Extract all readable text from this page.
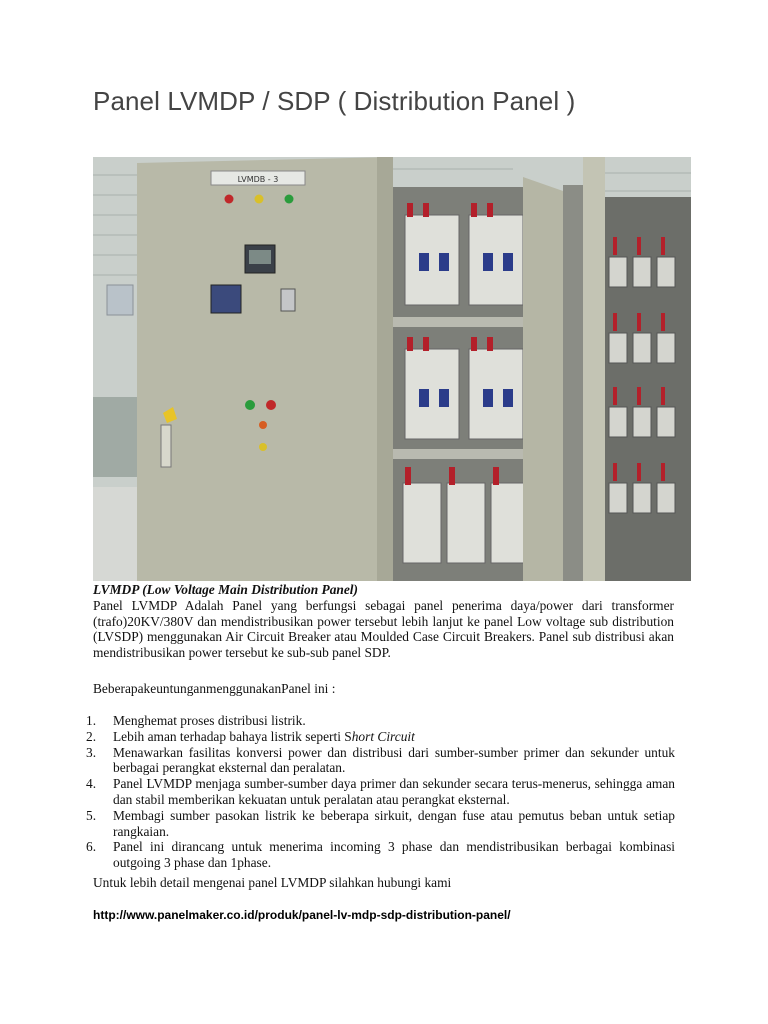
Panel LVMDP / SDP ( Distribution Panel )
LVMDB - 3
LVMDP (Low Voltage Main Distribution Panel)
Panel LVMDP Adalah Panel yang berfungsi sebagai panel penerima daya/power dari transformer (trafo)20KV/380V dan mendistribusikan power tersebut lebih lanjut ke panel Low voltage sub distribution (LVSDP) menggunakan Air Circuit Breaker atau Moulded Case Circuit Breakers. Panel sub distribusi akan mendistribusikan power tersebut ke sub-sub panel SDP.
BeberapakeuntunganmenggunakanPanel ini :
1.	Menghemat proses distribusi listrik.
2.	Lebih aman terhadap bahaya listrik seperti Short Circuit
3.	Menawarkan fasilitas konversi power dan distribusi dari sumber-sumber primer dan sekunder untuk berbagai perangkat eksternal dan peralatan.
4.	Panel LVMDP menjaga sumber-sumber daya primer dan sekunder secara terus-menerus, sehingga aman dan stabil memberikan kekuatan untuk peralatan atau perangkat eksternal.
5.	Membagi sumber pasokan listrik ke beberapa sirkuit, dengan fuse atau pemutus beban untuk setiap rangkaian.
6.	Panel ini dirancang untuk menerima incoming 3 phase dan mendistribusikan berbagai kombinasi outgoing 3 phase dan 1phase.
Untuk lebih detail mengenai panel LVMDP silahkan hubungi kami
http://www.panelmaker.co.id/produk/panel-lv-mdp-sdp-distribution-panel/
